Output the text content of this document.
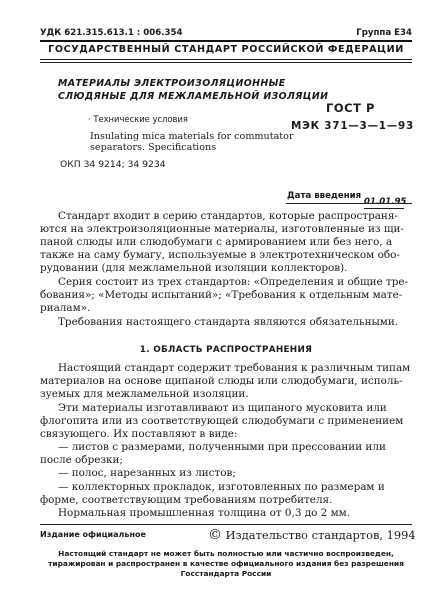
УДК 621.315.613.1 : 006.354	Группа Е34
ГОСУДАРСТВЕННЫЙ СТАНДАРТ РОССИЙСКОЙ ФЕДЕРАЦИИ
МАТЕРИАЛЫ ЭЛЕКТРОИЗОЛЯЦИОННЫЕ
СЛЮДЯНЫЕ ДЛЯ МЕЖЛАМЕЛЬНОЙ ИЗОЛЯЦИИ
· Технические условия
Insulating mica materials for commutator
separators. Specifications
ОКП 34 9214; 34 9234
ГОСТ Р
МЭК 371—3—1—93
Дата введения
01.01.95
Стандарт входит в серию стандартов, которые распространя-
ются на электроизоляционные материалы, изготовленные из щи-
паной слюды или слюдобумаги с армированием или без него, а
также на саму бумагу, используемые в электротехническом обо-
рудовании (для межламельной изоляции коллекторов).
Серия состоит из трех стандартов: «Определения и общие тре-
бования»; «Методы испытаний»; «Требования к отдельным мате-
риалам».
Требования настоящего стандарта являются обязательными.
1. ОБЛАСТЬ РАСПРОСТРАНЕНИЯ
Настоящий стандарт содержит требования к различным типам
материалов на основе щипаной слюды или слюдобумаги, исполь-
зуемых для межламельной изоляции.
Эти материалы изготавливают из щипаного мусковита или
флогопита или из соответствующей слюдобумаги с применением
связующего. Их поставляют в виде:
— листов с размерами, полученными при прессовании или
после обрезки;
— полос, нарезанных из листов;
— коллекторных прокладок, изготовленных по размерам и
форме, соответствующим требованиям потребителя.
Нормальная промышленная толщина от 0,3 до 2 мм.
Издание официальное	© Издательство стандартов, 1994
Настоящий стандарт не может быть полностью или частично воспроизведен,
тиражирован и распространен в качестве официального издания без разрешения
Госстандарта России
